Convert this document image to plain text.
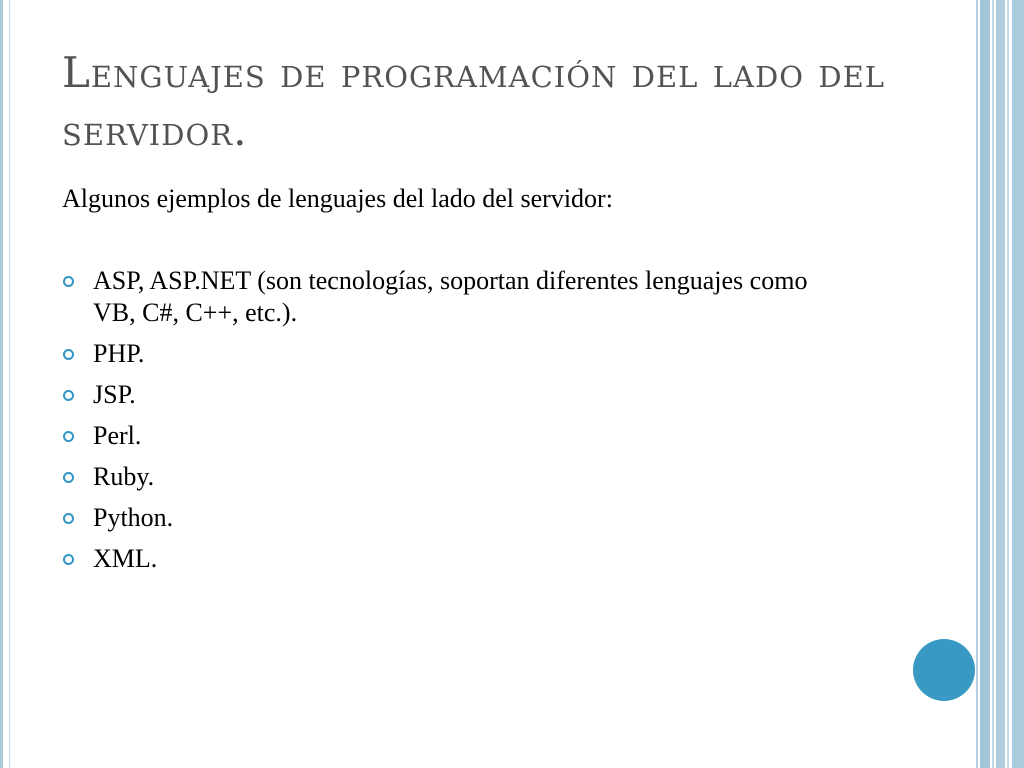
Lenguajes de programación del lado del servidor.

Algunos ejemplos de lenguajes del lado del servidor:

ASP, ASP.NET (son tecnologías, soportan diferentes lenguajes como VB, C#, C++, etc.).
PHP.
JSP.
Perl.
Ruby.
Python.
XML.
